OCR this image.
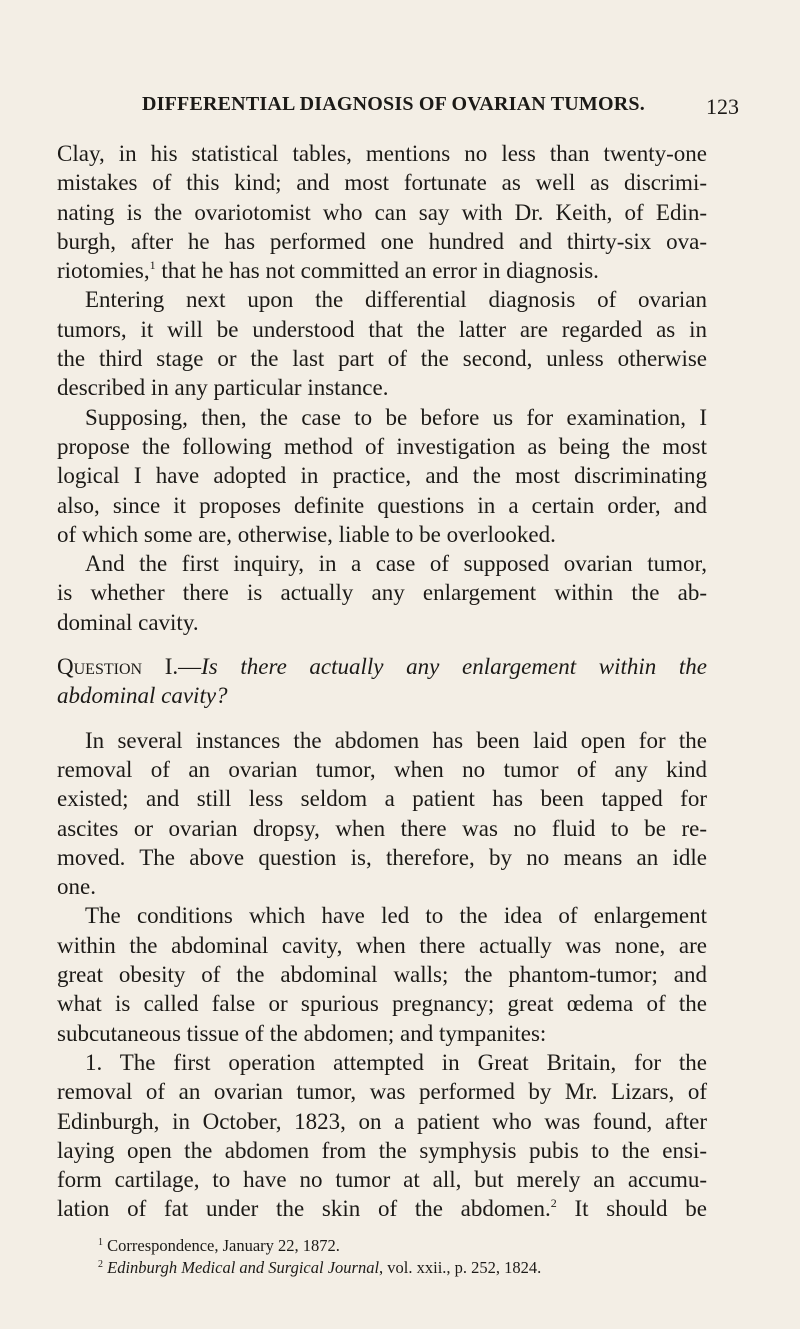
DIFFERENTIAL DIAGNOSIS OF OVARIAN TUMORS.	123
Clay, in his statistical tables, mentions no less than twenty-one
mistakes of this kind; and most fortunate as well as discrimi-
nating is the ovariotomist who can say with Dr. Keith, of Edin-
burgh, after he has performed one hundred and thirty-six ova-
riotomies,$^1$ that he has not committed an error in diagnosis.
Entering next upon the differential diagnosis of ovarian
tumors, it will be understood that the latter are regarded as in
the third stage or the last part of the second, unless otherwise
described in any particular instance.
Supposing, then, the case to be before us for examination, I
propose the following method of investigation as being the most
logical I have adopted in practice, and the most discriminating
also, since it proposes definite questions in a certain order, and
of which some are, otherwise, liable to be overlooked.
And the first inquiry, in a case of supposed ovarian tumor,
is whether there is actually any enlargement within the ab-
dominal cavity.
Question I.—Is there actually any enlargement within the
abdominal cavity?
In several instances the abdomen has been laid open for the
removal of an ovarian tumor, when no tumor of any kind
existed; and still less seldom a patient has been tapped for
ascites or ovarian dropsy, when there was no fluid to be re-
moved. The above question is, therefore, by no means an idle
one.
The conditions which have led to the idea of enlargement
within the abdominal cavity, when there actually was none, are
great obesity of the abdominal walls; the phantom-tumor; and
what is called false or spurious pregnancy; great œdema of the
subcutaneous tissue of the abdomen; and tympanites:
1. The first operation attempted in Great Britain, for the
removal of an ovarian tumor, was performed by Mr. Lizars, of
Edinburgh, in October, 1823, on a patient who was found, after
laying open the abdomen from the symphysis pubis to the ensi-
form cartilage, to have no tumor at all, but merely an accumu-
lation of fat under the skin of the abdomen.$^2$ It should be
$^1$ Correspondence, January 22, 1872.
$^2$ Edinburgh Medical and Surgical Journal, vol. xxii., p. 252, 1824.
